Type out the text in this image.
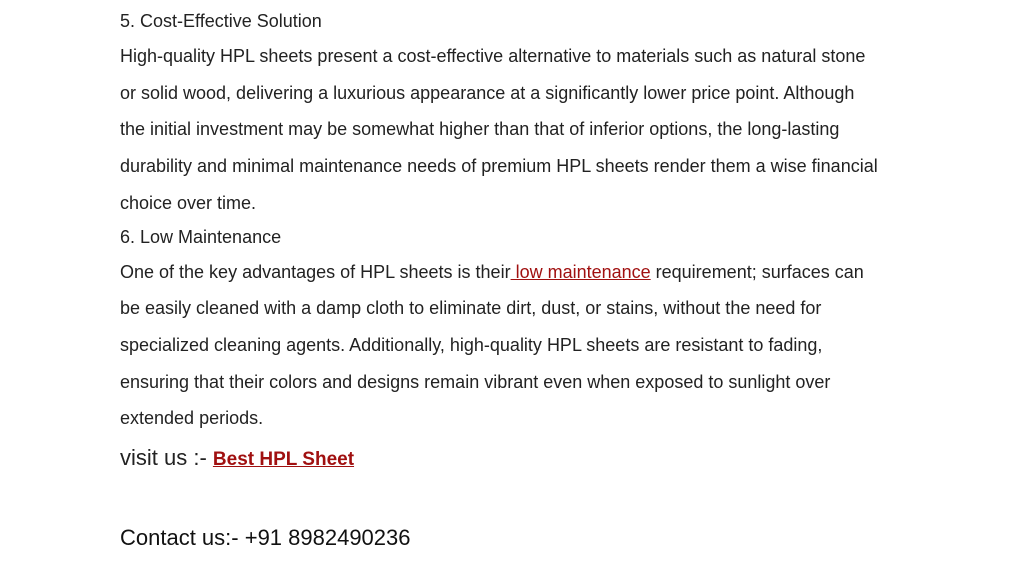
5. Cost-Effective Solution

High-quality HPL sheets present a cost-effective alternative to materials such as natural stone
or solid wood, delivering a luxurious appearance at a significantly lower price point. Although
the initial investment may be somewhat higher than that of inferior options, the long-lasting
durability and minimal maintenance needs of premium HPL sheets render them a wise financial
choice over time.

6. Low Maintenance

One of the key advantages of HPL sheets is their low maintenance requirement; surfaces can
be easily cleaned with a damp cloth to eliminate dirt, dust, or stains, without the need for
specialized cleaning agents. Additionally, high-quality HPL sheets are resistant to fading,
ensuring that their colors and designs remain vibrant even when exposed to sunlight over
extended periods.

visit us :- Best HPL Sheet

Contact us:- +91 8982490236
